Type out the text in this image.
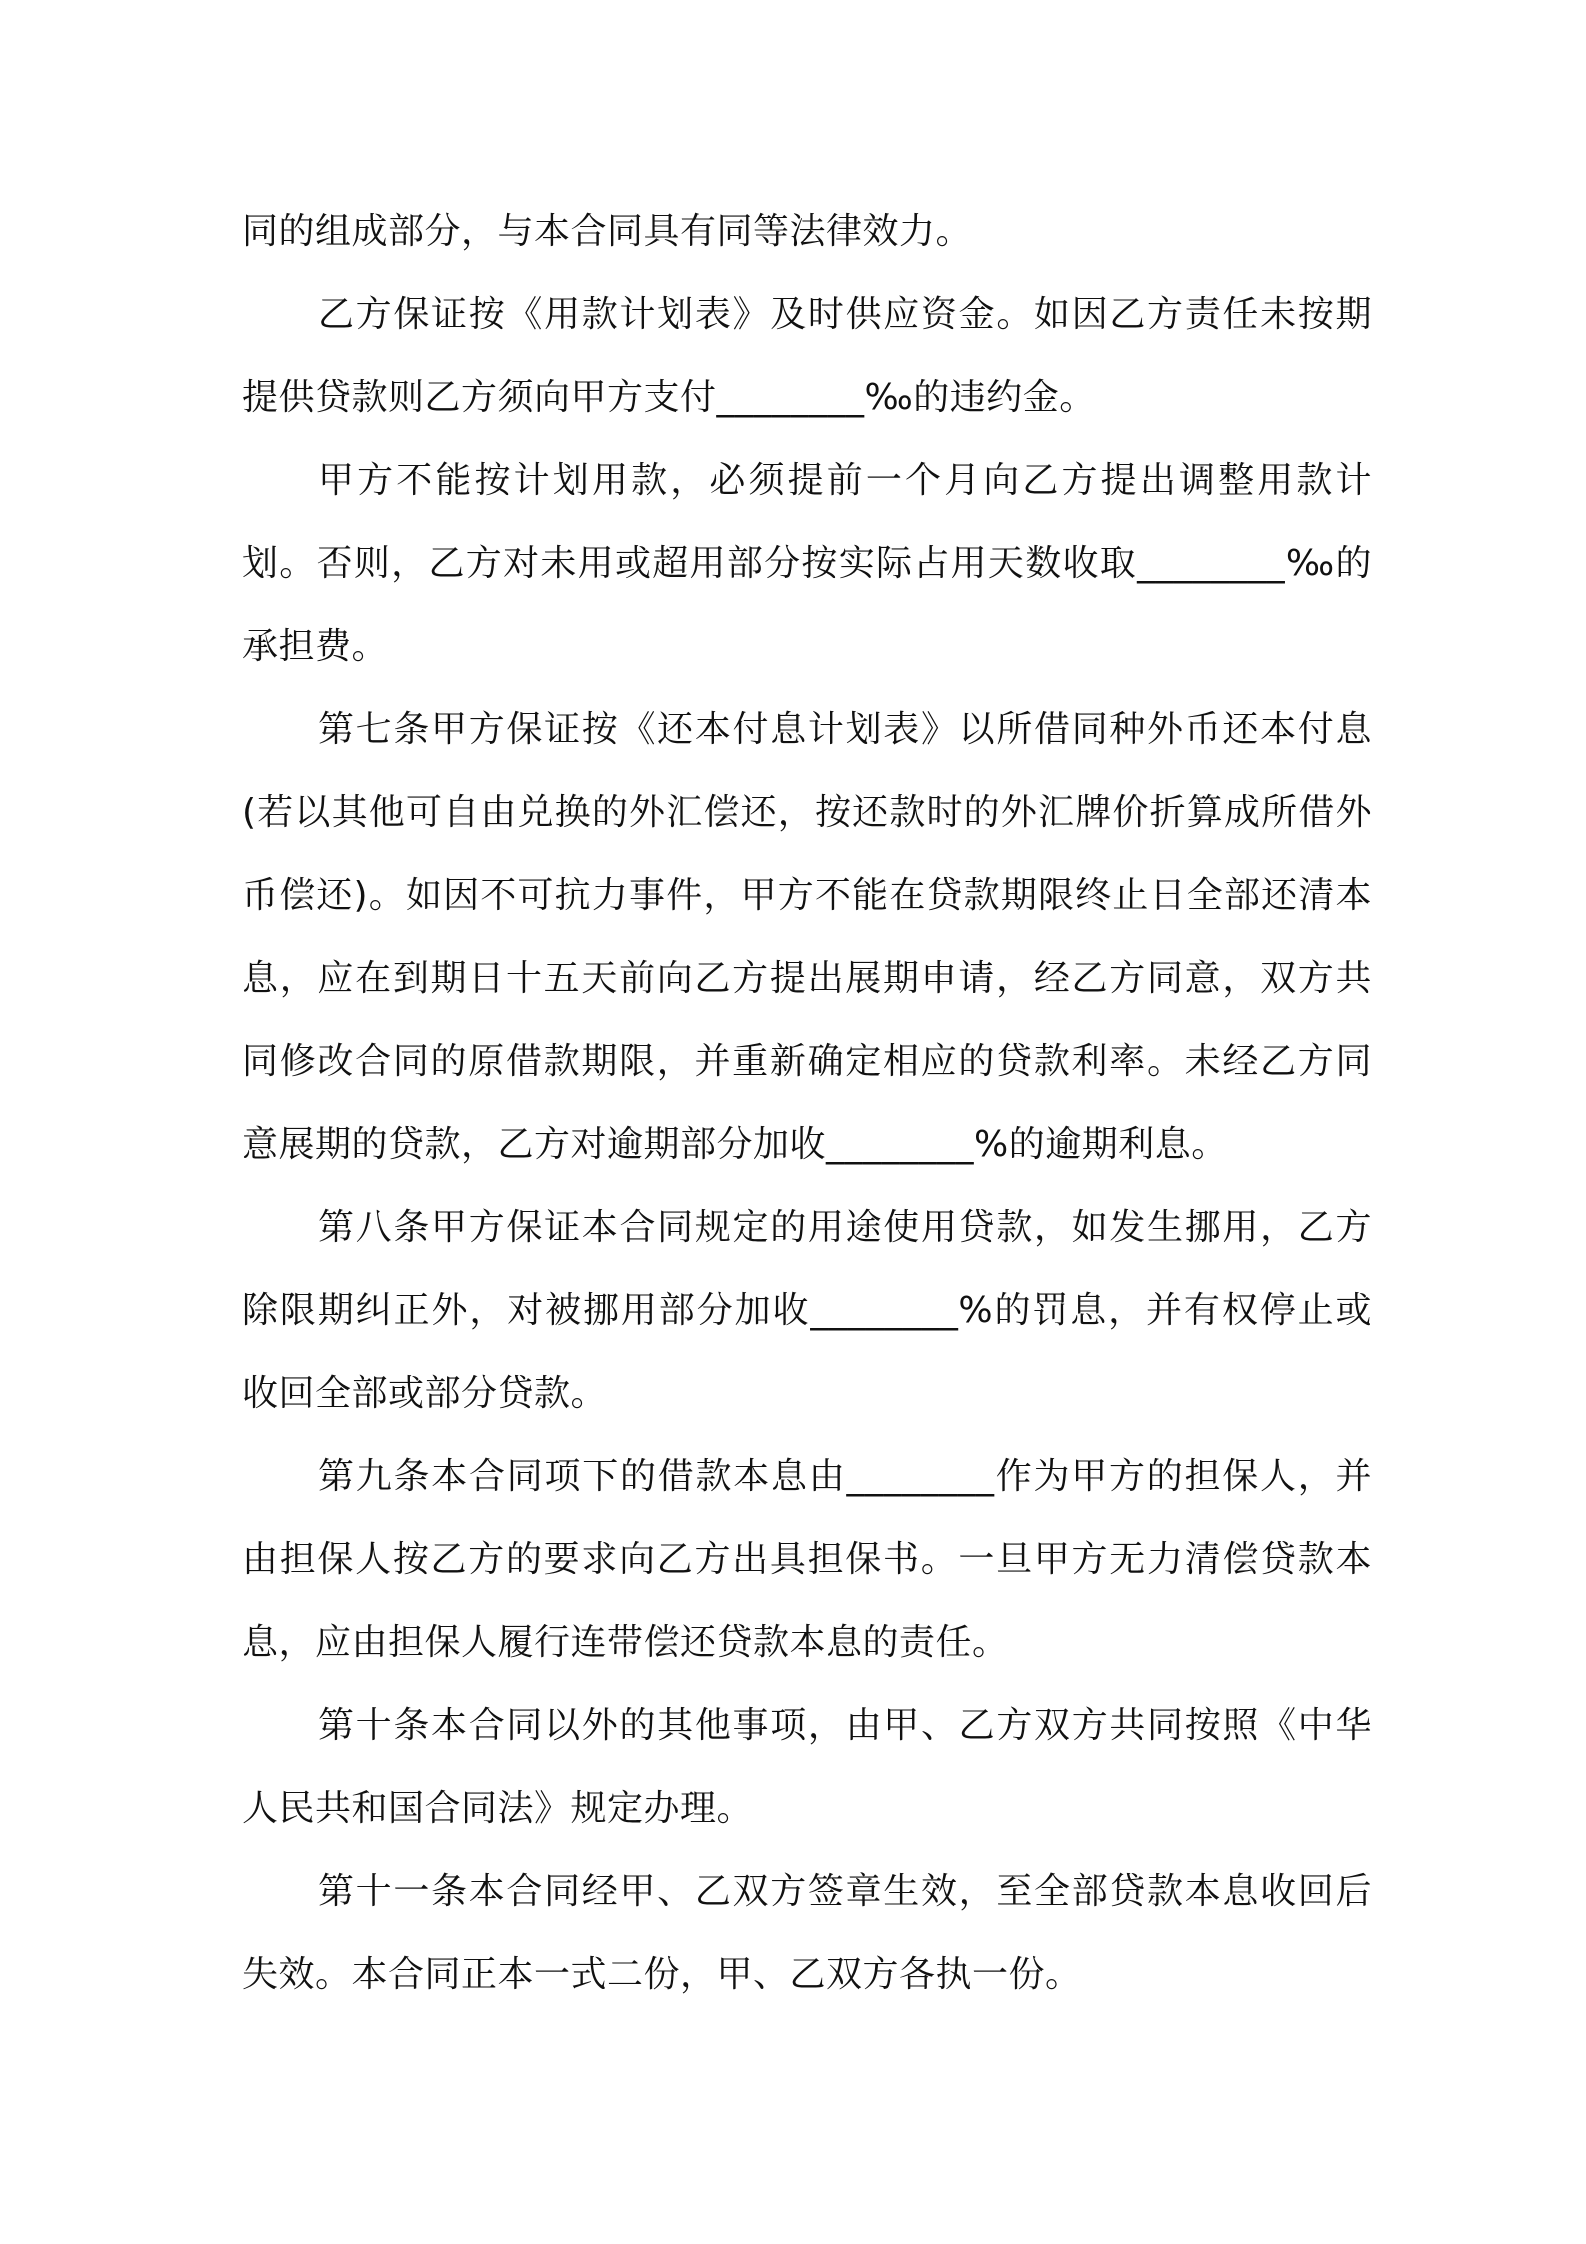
同的组成部分，与本合同具有同等法律效力。

乙方保证按《用款计划表》及时供应资金。如因乙方责任未按期提供贷款则乙方须向甲方支付________‰的违约金。

甲方不能按计划用款，必须提前一个月向乙方提出调整用款计划。否则，乙方对未用或超用部分按实际占用天数收取________‰的承担费。

第七条甲方保证按《还本付息计划表》以所借同种外币还本付息(若以其他可自由兑换的外汇偿还，按还款时的外汇牌价折算成所借外币偿还)。如因不可抗力事件，甲方不能在贷款期限终止日全部还清本息，应在到期日十五天前向乙方提出展期申请，经乙方同意，双方共同修改合同的原借款期限，并重新确定相应的贷款利率。未经乙方同意展期的贷款，乙方对逾期部分加收________%的逾期利息。

第八条甲方保证本合同规定的用途使用贷款，如发生挪用，乙方除限期纠正外，对被挪用部分加收________%的罚息，并有权停止或收回全部或部分贷款。

第九条本合同项下的借款本息由________作为甲方的担保人，并由担保人按乙方的要求向乙方出具担保书。一旦甲方无力清偿贷款本息，应由担保人履行连带偿还贷款本息的责任。

第十条本合同以外的其他事项，由甲、乙方双方共同按照《中华人民共和国合同法》规定办理。

第十一条本合同经甲、乙双方签章生效，至全部贷款本息收回后失效。本合同正本一式二份，甲、乙双方各执一份。
